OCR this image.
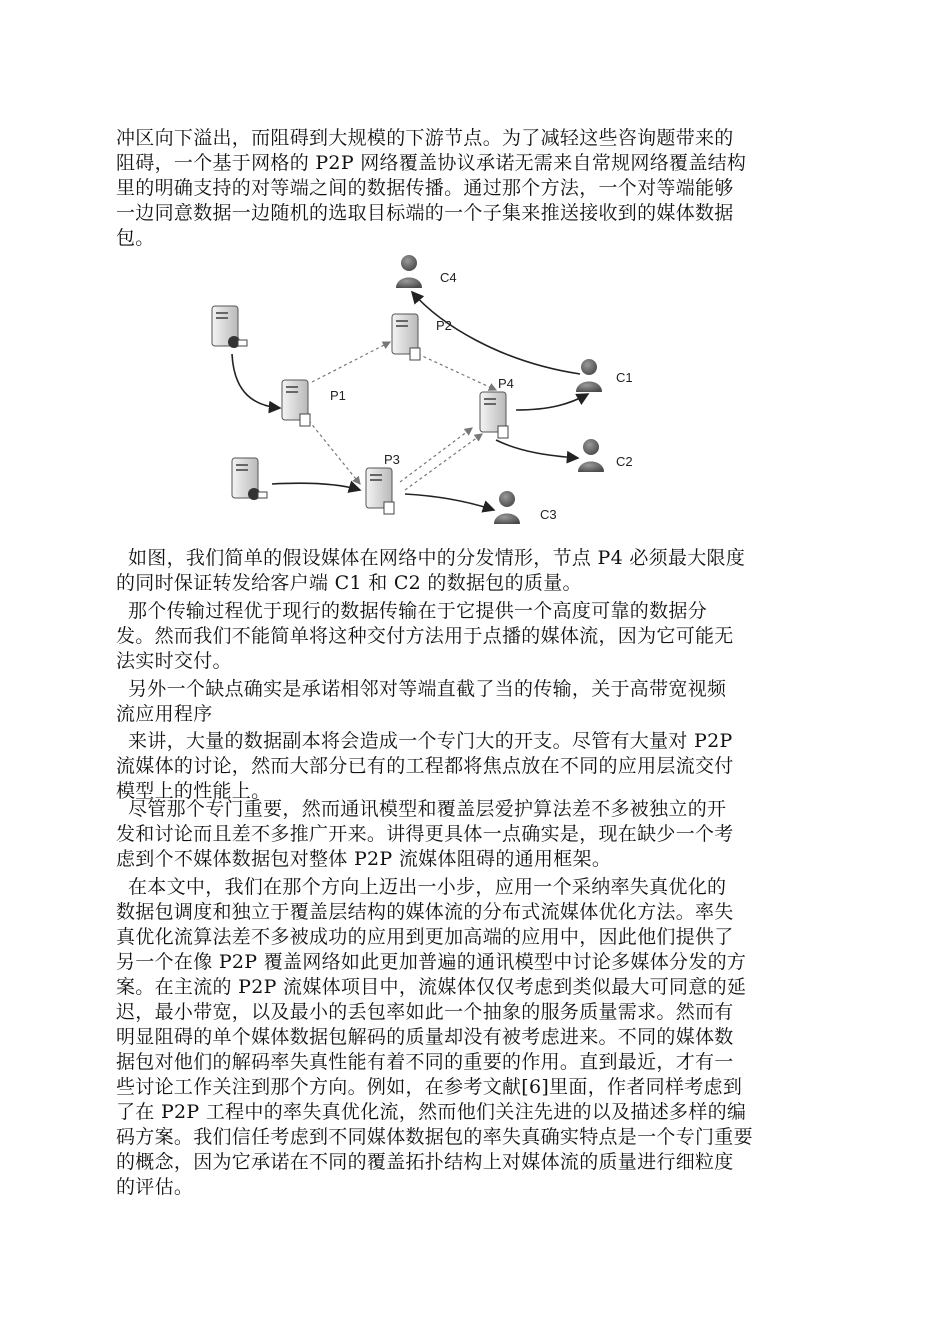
冲区向下溢出，而阻碍到大规模的下游节点。为了减轻这些咨询题带来的
阻碍，一个基于网格的 P2P 网络覆盖协议承诺无需来自常规网络覆盖结构
里的明确支持的对等端之间的数据传播。通过那个方法，一个对等端能够
一边同意数据一边随机的选取目标端的一个子集来推送接收到的媒体数据
包。
P1
P2
P3
P4	C1
C2
C3
C4
如图，我们简单的假设媒体在网络中的分发情形，节点 P4 必须最大限度
的同时保证转发给客户端 C1 和 C2 的数据包的质量。
那个传输过程优于现行的数据传输在于它提供一个高度可靠的数据分
发。然而我们不能简单将这种交付方法用于点播的媒体流，因为它可能无
法实时交付。
另外一个缺点确实是承诺相邻对等端直截了当的传输，关于高带宽视频
流应用程序
来讲，大量的数据副本将会造成一个专门大的开支。尽管有大量对 P2P
流媒体的讨论，然而大部分已有的工程都将焦点放在不同的应用层流交付
模型上的性能上。
尽管那个专门重要，然而通讯模型和覆盖层爱护算法差不多被独立的开
发和讨论而且差不多推广开来。讲得更具体一点确实是，现在缺少一个考
虑到个不媒体数据包对整体 P2P 流媒体阻碍的通用框架。
在本文中，我们在那个方向上迈出一小步，应用一个采纳率失真优化的
数据包调度和独立于覆盖层结构的媒体流的分布式流媒体优化方法。率失
真优化流算法差不多被成功的应用到更加高端的应用中，因此他们提供了
另一个在像 P2P 覆盖网络如此更加普遍的通讯模型中讨论多媒体分发的方
案。在主流的 P2P 流媒体项目中，流媒体仅仅考虑到类似最大可同意的延
迟，最小带宽，以及最小的丢包率如此一个抽象的服务质量需求。然而有
明显阻碍的单个媒体数据包解码的质量却没有被考虑进来。不同的媒体数
据包对他们的解码率失真性能有着不同的重要的作用。直到最近，才有一
些讨论工作关注到那个方向。例如，在参考文献[6]里面，作者同样考虑到
了在 P2P 工程中的率失真优化流，然而他们关注先进的以及描述多样的编
码方案。我们信任考虑到不同媒体数据包的率失真确实特点是一个专门重要
的概念，因为它承诺在不同的覆盖拓扑结构上对媒体流的质量进行细粒度
的评估。
